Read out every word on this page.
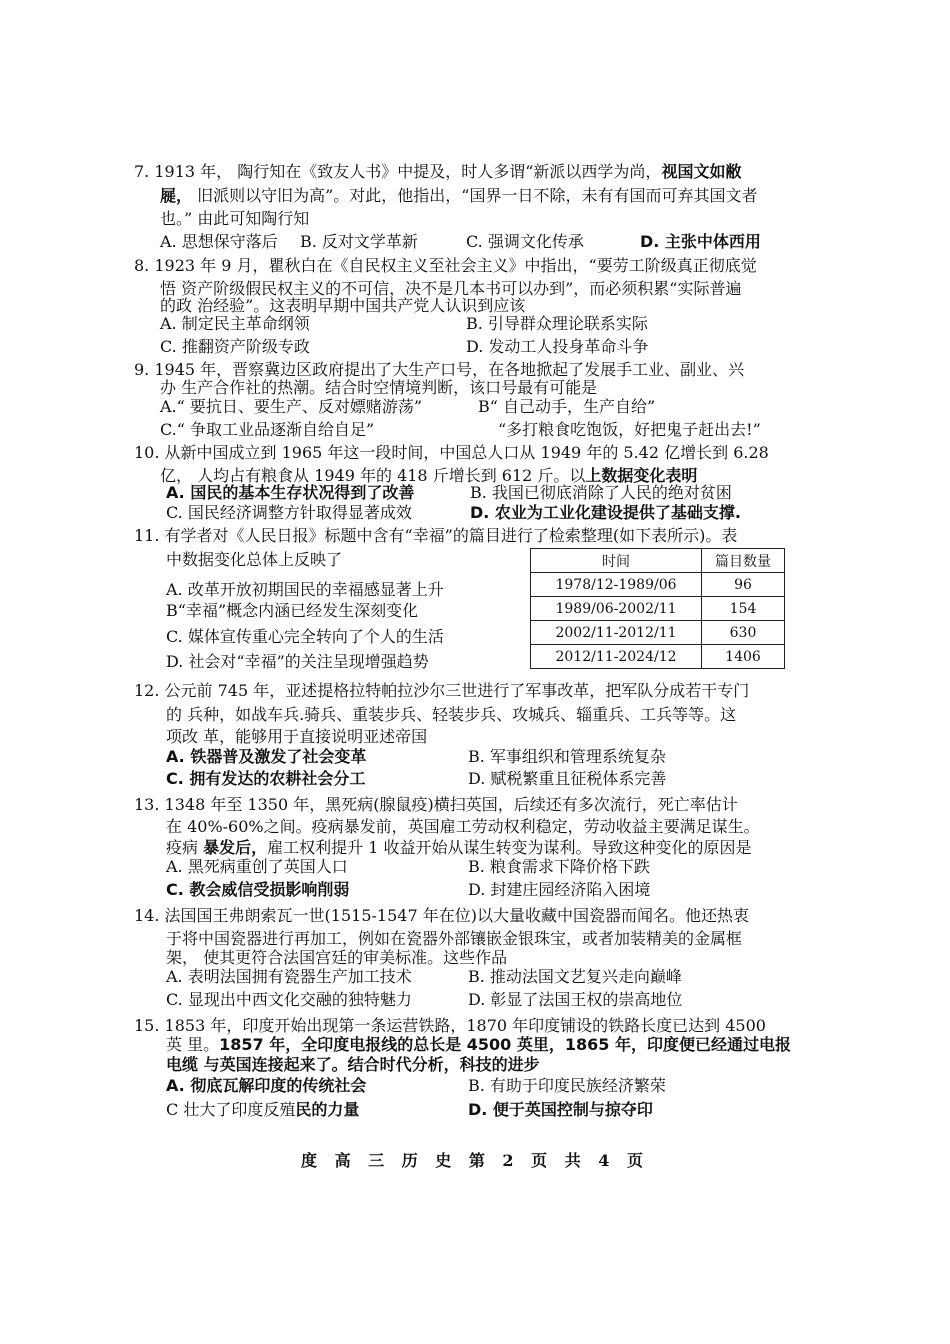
7. 1913 年， 陶行知在《致友人书》中提及，时人多谓“新派以西学为尚，视国文如敝
屣， 旧派则以守旧为高”。对此，他指出，“国界一日不除，未有有国而可弃其国文者
也。” 由此可知陶行知
A. 思想保守落后 B. 反对文学革新	C. 强调文化传承	D. 主张中体西用
8. 1923 年 9 月，瞿秋白在《自民权主义至社会主义》中指出，“要劳工阶级真正彻底觉
悟 资产阶级假民权主义的不可信，决不是几本书可以办到”，而必须积累“实际普遍
的政 治经验”。这表明早期中国共产党人认识到应该
A. 制定民主革命纲领	B. 引导群众理论联系实际
C. 推翻资产阶级专政	D. 发动工人投身革命斗争
9. 1945 年，晋察冀边区政府提出了大生产口号，在各地掀起了发展手工业、副业、兴
办 生产合作社的热潮。结合时空情境判断，该口号最有可能是
A.“ 要抗日、要生产、反对嫖赌游荡”	B“ 自己动手，生产自给”
C.“ 争取工业品逐渐自给自足”	“多打粮食吃饱饭，好把鬼子赶出去!”
10. 从新中国成立到 1965 年这一段时间，中国总人口从 1949 年的 5.42 亿增长到 6.28
亿， 人均占有粮食从 1949 年的 418 斤增长到 612 斤。以上数据变化表明
A. 国民的基本生存状况得到了改善	B. 我国已彻底消除了人民的绝对贫困
C. 国民经济调整方针取得显著成效	D. 农业为工业化建设提供了基础支撑.
11. 有学者对《人民日报》标题中含有“幸福”的篇目进行了检索整理(如下表所示)。表
中数据变化总体上反映了
A. 改革开放初期国民的幸福感显著上升
B“幸福”概念内涵已经发生深刻变化
C. 媒体宣传重心完全转向了个人的生活
D. 社会对“幸福”的关注呈现增强趋势
时间	篇目数量
1978/12-1989/06	96
1989/06-2002/11	154
2002/11-2012/11	630
2012/11-2024/12	1406
12. 公元前 745 年，亚述提格拉特帕拉沙尔三世进行了军事改革，把军队分成若干专门
的 兵种，如战车兵.骑兵、重装步兵、轻装步兵、攻城兵、辎重兵、工兵等等。这
项改 革，能够用于直接说明亚述帝国
A. 铁器普及激发了社会变革	B. 军事组织和管理系统复杂
C. 拥有发达的农耕社会分工	D. 赋税繁重且征税体系完善
13. 1348 年至 1350 年，黑死病(腺鼠疫)横扫英国，后续还有多次流行，死亡率估计
在 40%-60%之间。疫病暴发前，英国雇工劳动权利稳定，劳动收益主要满足谋生。
疫病 暴发后，雇工权利提升 1 收益开始从谋生转变为谋利。导致这种变化的原因是
A. 黑死病重创了英国人口	B. 粮食需求下降价格下跌
C. 教会威信受损影响削弱	D. 封建庄园经济陷入困境
14. 法国国王弗朗索瓦一世(1515-1547 年在位)以大量收藏中国瓷器而闻名。他还热衷
于将中国瓷器进行再加工，例如在瓷器外部镶嵌金银珠宝，或者加装精美的金属框
架， 使其更符合法国宫廷的审美标准。这些作品
A. 表明法国拥有瓷器生产加工技术	B. 推动法国文艺复兴走向巅峰
C. 显现出中西文化交融的独特魅力	D. 彰显了法国王权的崇高地位
15. 1853 年，印度开始出现第一条运营铁路，1870 年印度铺设的铁路长度已达到 4500
英 里。1857 年，全印度电报线的总长是 4500 英里，1865 年，印度便已经通过电报
电缆 与英国连接起来了。结合时代分析，科技的进步
A. 彻底瓦解印度的传统社会	B. 有助于印度民族经济繁荣
C 壮大了印度反殖民的力量	D. 便于英国控制与掠夺印
度 高 三 历 史 第 2 页 共 4 页
